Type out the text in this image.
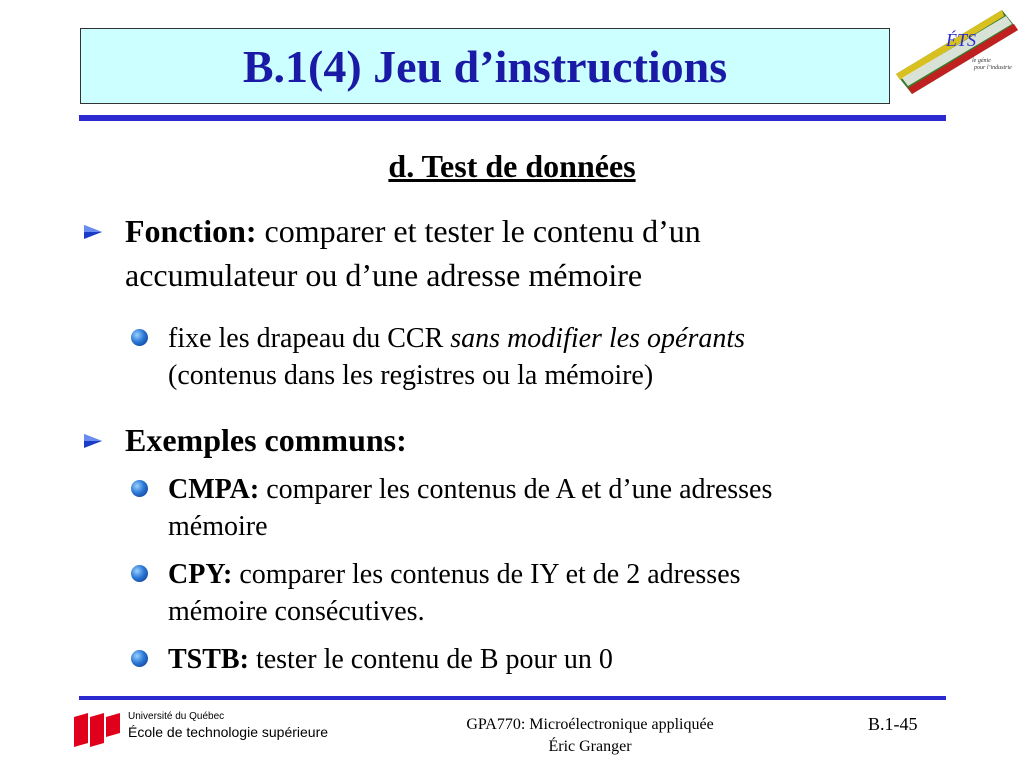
B.1(4) Jeu d’instructions
ÉTS
le génie
pour l’industrie
d. Test de données
Fonction: comparer et tester le contenu d’un
accumulateur ou d’une adresse mémoire
fixe les drapeau du CCR sans modifier les opérants
(contenus dans les registres ou la mémoire)
Exemples communs:
CMPA: comparer les contenus de A et d’une adresses
mémoire
CPY: comparer les contenus de IY et de 2 adresses
mémoire consécutives.
TSTB: tester le contenu de B pour un 0
Université du Québec
École de technologie supérieure	GPA770: Microélectronique appliquée
Éric Granger
B.1-45
